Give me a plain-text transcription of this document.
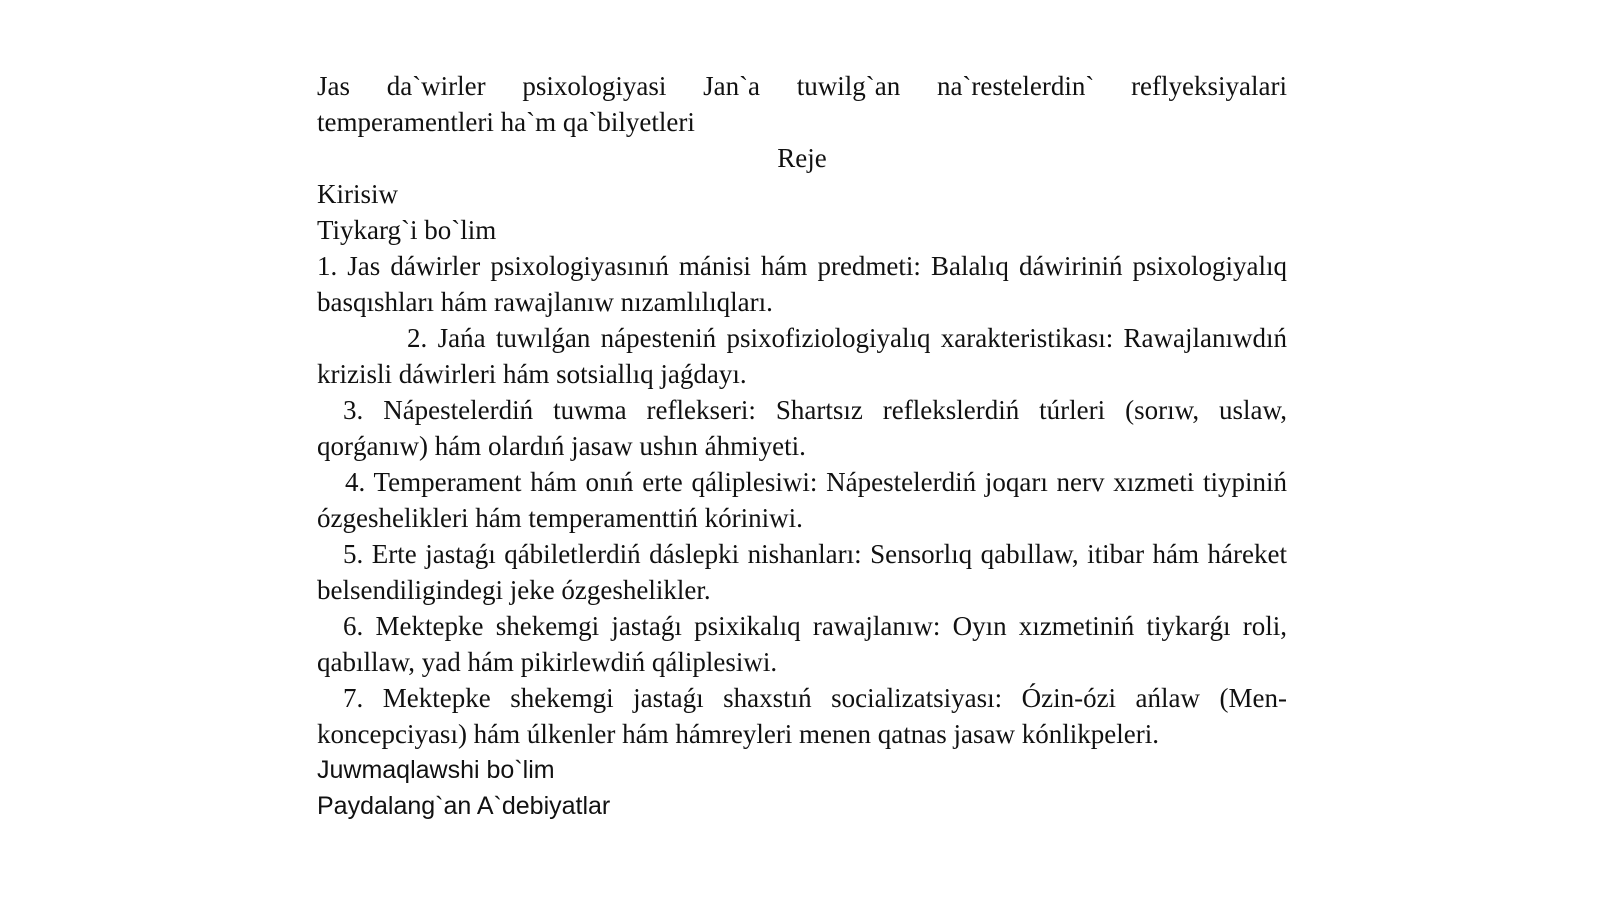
Jas da`wirler psixologiyasi Jan`a tuwilg`an na`restelerdin` reflyeksiyalari temperamentleri ha`m qa`bilyetleri

Reje

Kirisiw

Tiykarg`i bo`lim

1. Jas dáwirler psixologiyasınıń mánisi hám predmeti: Balalıq dáwiriniń psixologiyalıq basqıshları hám rawajlanıw nızamlılıqları.

2. Jańa tuwılǵan nápesteniń psixofiziologiyalıq xarakteristikası: Rawajlanıwdıń krizisli dáwirleri hám sotsiallıq jaǵdayı.

3. Nápestelerdiń tuwma reflekseri: Shartsız reflekslerdiń túrleri (sorıw, uslaw, qorǵanıw) hám olardıń jasaw ushın áhmiyeti.

4. Temperament hám onıń erte qáliplesiwi: Nápestelerdiń joqarı nerv xızmeti tiypiniń ózgeshelikleri hám temperamenttiń kóriniwi.

5. Erte jastaǵı qábiletlerdiń dáslepki nishanları: Sensorlıq qabıllaw, itibar hám háreket belsendiligindegi jeke ózgeshelikler.

6. Mektepke shekemgi jastaǵı psixikalıq rawajlanıw: Oyın xızmetiniń tiykarǵı roli, qabıllaw, yad hám pikirlewdiń qáliplesiwi.

7. Mektepke shekemgi jastaǵı shaxstıń socializatsiyası: Ózin-ózi ańlaw (Men-koncepciyası) hám úlkenler hám hámreyleri menen qatnas jasaw kónlikpeleri.

Juwmaqlawshi bo`lim

Paydalang`an A`debiyatlar
